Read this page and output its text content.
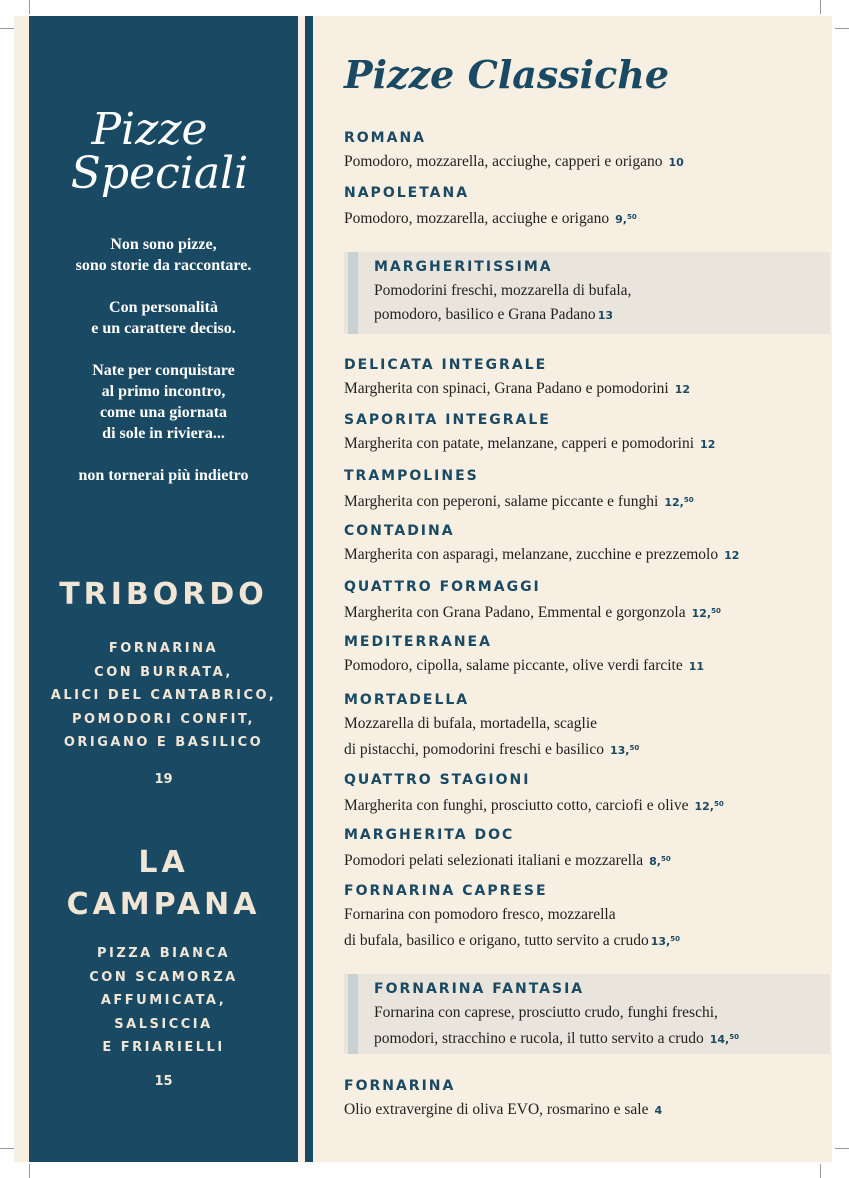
Pizze
Speciali

Non sono pizze,
sono storie da raccontare.

Con personalità
e un carattere deciso.

Nate per conquistare
al primo incontro,
come una giornata
di sole in riviera...

non tornerai più indietro

TRIBORDO
FORNARINA
CON BURRATA,
ALICI DEL CANTABRICO,
POMODORI CONFIT,
ORIGANO E BASILICO
19
LA
CAMPANA
PIZZA BIANCA
CON SCAMORZA
AFFUMICATA,
SALSICCIA
E FRIARIELLI
15
Pizze Classiche
ROMANA
Pomodoro, mozzarella, acciughe, capperi e origano 10
NAPOLETANA
Pomodoro, mozzarella, acciughe e origano 9,50
MARGHERITISSIMA
Pomodorini freschi, mozzarella di bufala,
pomodoro, basilico e Grana Padano 13
DELICATA INTEGRALE
Margherita con spinaci, Grana Padano e pomodorini 12
SAPORITA INTEGRALE
Margherita con patate, melanzane, capperi e pomodorini 12
TRAMPOLINES
Margherita con peperoni, salame piccante e funghi 12,50
CONTADINA
Margherita con asparagi, melanzane, zucchine e prezzemolo 12
QUATTRO FORMAGGI
Margherita con Grana Padano, Emmental e gorgonzola 12,50
MEDITERRANEA
Pomodoro, cipolla, salame piccante, olive verdi farcite 11
MORTADELLA
Mozzarella di bufala, mortadella, scaglie
di pistacchi, pomodorini freschi e basilico 13,50
QUATTRO STAGIONI
Margherita con funghi, prosciutto cotto, carciofi e olive 12,50
MARGHERITA DOC
Pomodori pelati selezionati italiani e mozzarella 8,50
FORNARINA CAPRESE
Fornarina con pomodoro fresco, mozzarella
di bufala, basilico e origano, tutto servito a crudo 13,50
FORNARINA FANTASIA
Fornarina con caprese, prosciutto crudo, funghi freschi,
pomodori, stracchino e rucola, il tutto servito a crudo 14,50
FORNARINA
Olio extravergine di oliva EVO, rosmarino e sale 4
